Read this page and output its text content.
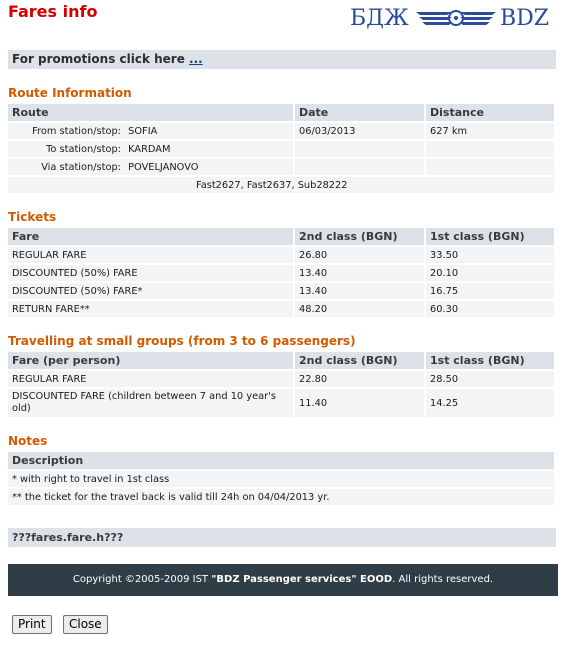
Fares info	БДЖ	BDZ
For promotions click here ...
Route Information
Route	Date	Distance
From station/stop: SOFIA	06/03/2013	627 km
To station/stop: KARDAM		
Via station/stop: POVELJANOVO		
Fast2627, Fast2637, Sub28222		
Tickets
Fare	2nd class (BGN)	1st class (BGN)
REGULAR FARE	26.80	33.50
DISCOUNTED (50%) FARE	13.40	20.10
DISCOUNTED (50%) FARE*	13.40	16.75
RETURN FARE**	48.20	60.30
Travelling at small groups (from 3 to 6 passengers)
Fare (per person)	2nd class (BGN)	1st class (BGN)
REGULAR FARE	22.80	28.50
DISCOUNTED FARE (children between 7 and 10 year's old)	11.40	14.25
Notes
Description
* with right to travel in 1st class
** the ticket for the travel back is valid till 24h on 04/04/2013 yr.
???fares.fare.h???
Copyright ©2005-2009 IST "BDZ Passenger services" EOOD. All rights reserved.
Print	Close
